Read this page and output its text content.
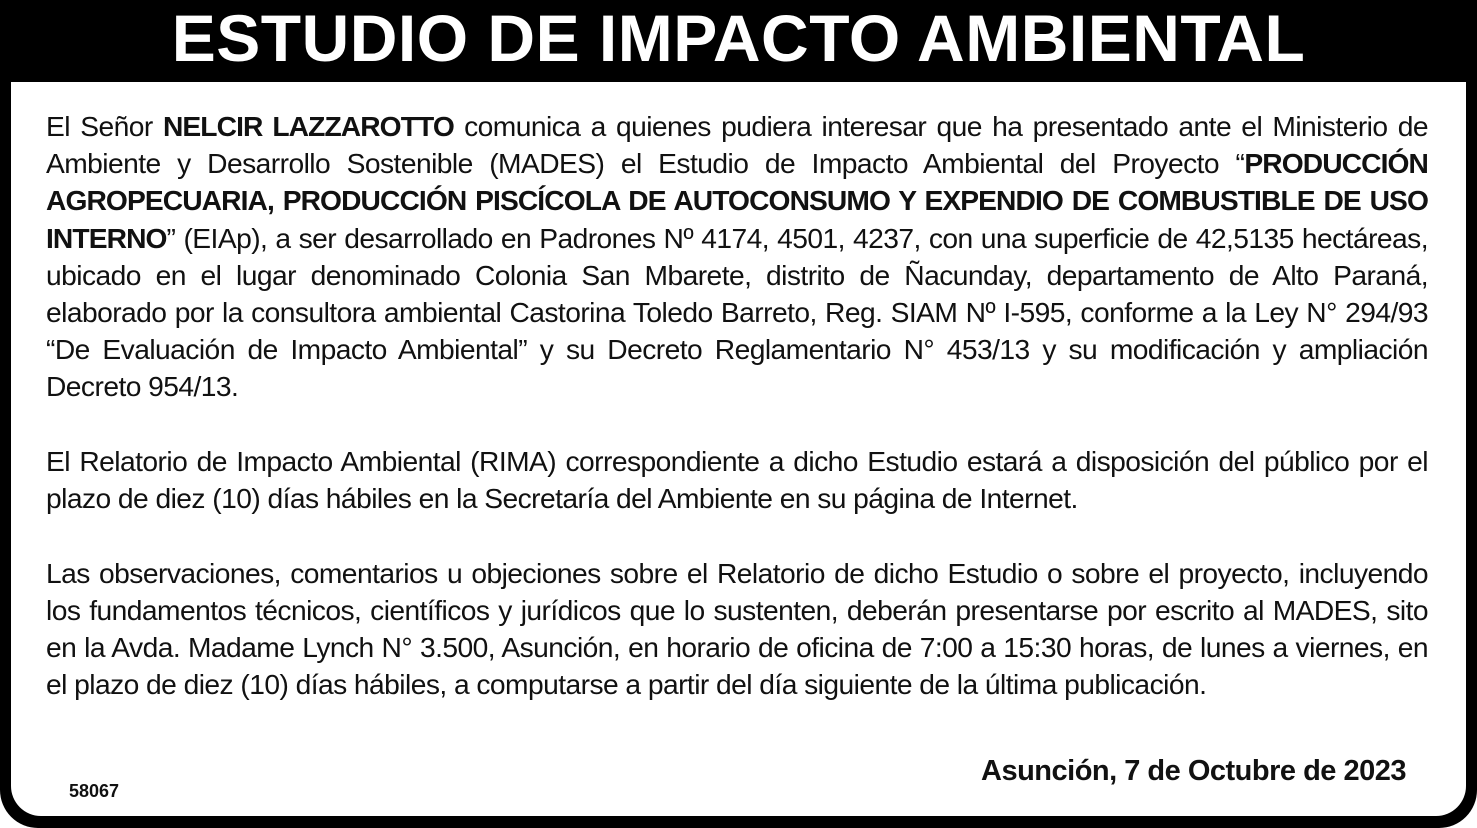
ESTUDIO DE IMPACTO AMBIENTAL

El Señor NELCIR LAZZAROTTO comunica a quienes pudiera interesar que ha presentado ante el Ministerio de Ambiente y Desarrollo Sostenible (MADES) el Estudio de Impacto Ambiental del Proyecto “PRODUCCIÓN AGROPECUARIA, PRODUCCIÓN PISCÍCOLA DE AUTOCONSUMO Y EXPENDIO DE COMBUSTIBLE DE USO INTERNO” (EIAp), a ser desarrollado en Padrones Nº 4174, 4501, 4237, con una superficie de 42,5135 hectáreas, ubicado en el lugar denominado Colonia San Mbarete, distrito de Ñacunday, departamento de Alto Paraná, elaborado por la consultora ambiental Castorina Toledo Barreto, Reg. SIAM Nº I-595, conforme a la Ley N° 294/93 “De Evaluación de Impacto Ambiental” y su Decreto Reglamentario N° 453/13 y su modificación y ampliación Decreto 954/13.

El Relatorio de Impacto Ambiental (RIMA) correspondiente a dicho Estudio estará a disposición del público por el plazo de diez (10) días hábiles en la Secretaría del Ambiente en su página de Internet.

Las observaciones, comentarios u objeciones sobre el Relatorio de dicho Estudio o sobre el proyecto, incluyendo los fundamentos técnicos, científicos y jurídicos que lo sustenten, deberán presentarse por escrito al MADES, sito en la Avda. Madame Lynch N° 3.500, Asunción, en horario de oficina de 7:00 a 15:30 horas, de lunes a viernes, en el plazo de diez (10) días hábiles, a computarse a partir del día siguiente de la última publicación.

58067
Asunción, 7 de Octubre de 2023
